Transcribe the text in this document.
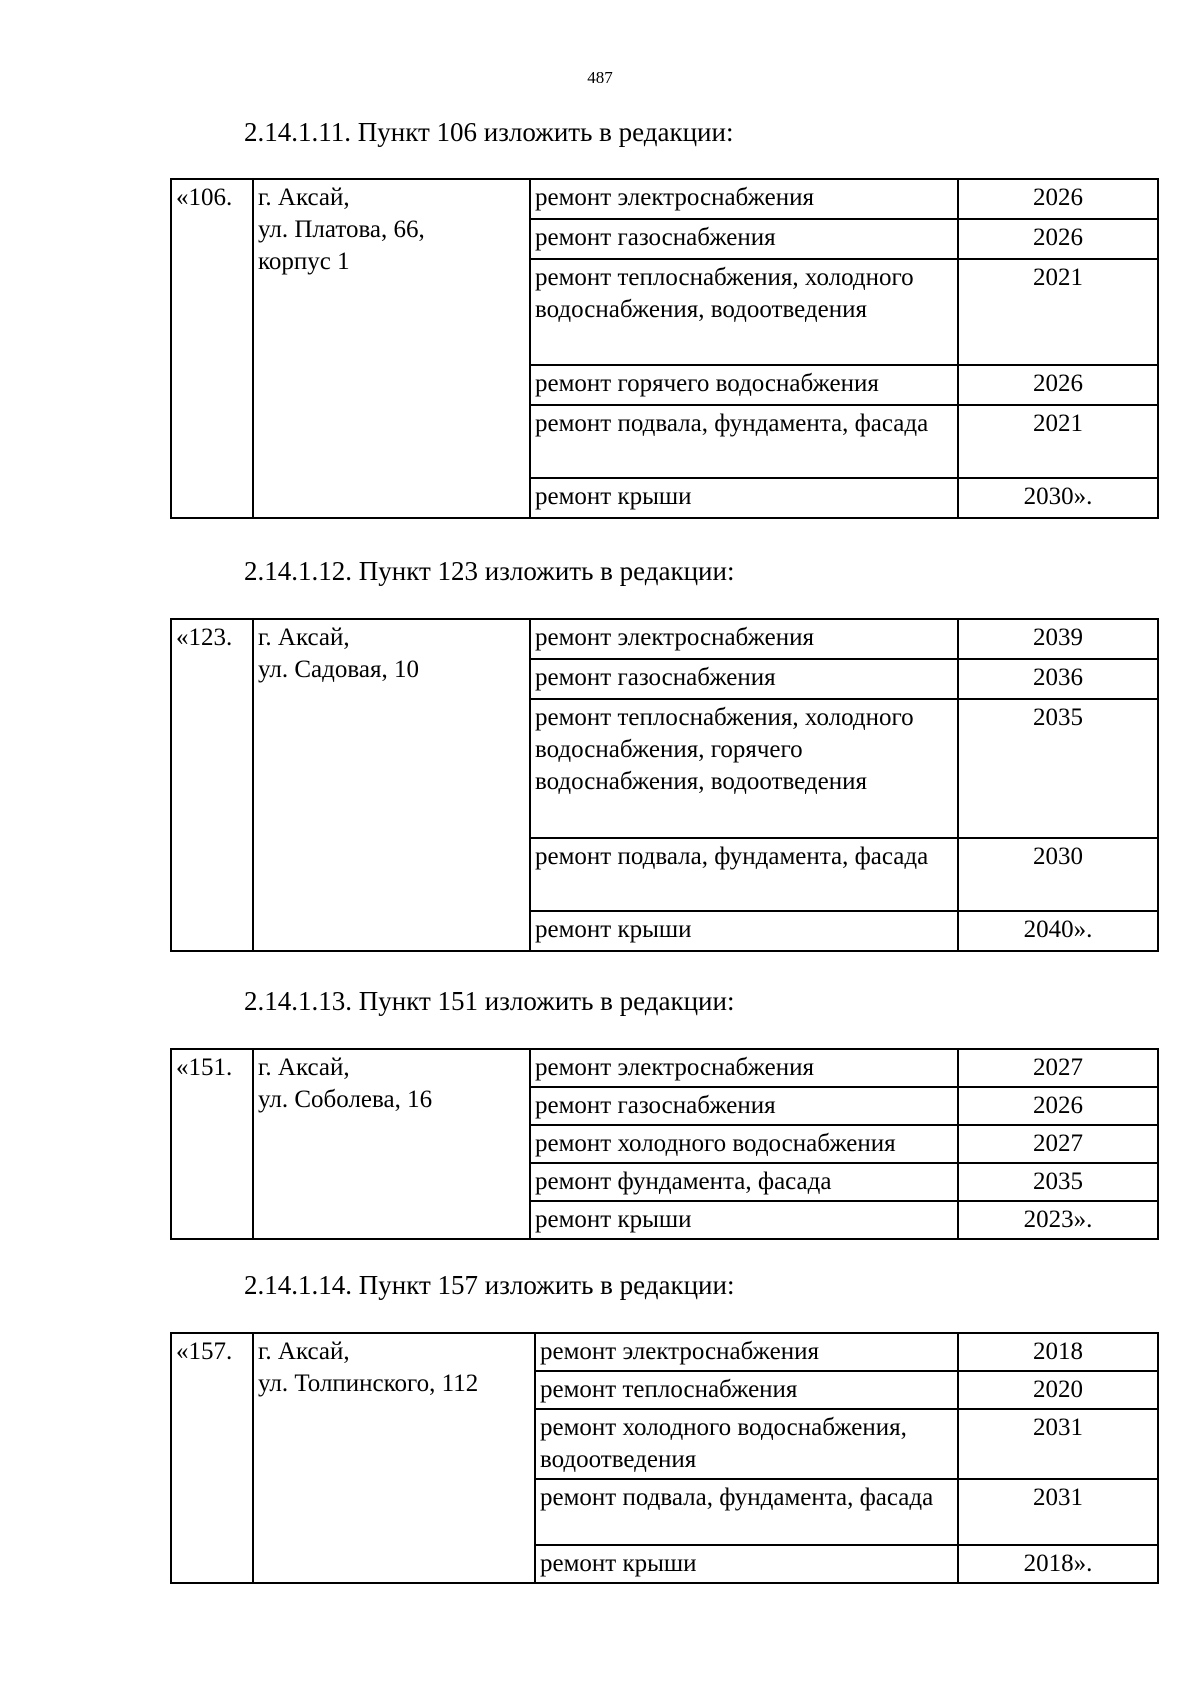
487
2.14.1.11. Пункт 106 изложить в редакции:
«106.	г. Аксай,
ул. Платова, 66,
корпус 1	ремонт электроснабжения	2026
		ремонт газоснабжения	2026
		ремонт теплоснабжения, холодного водоснабжения, водоотведения	2021
		ремонт горячего водоснабжения	2026
		ремонт подвала, фундамента, фасада	2021
		ремонт крыши	2030».
2.14.1.12. Пункт 123 изложить в редакции:
«123.	г. Аксай,
ул. Садовая, 10	ремонт электроснабжения	2039
		ремонт газоснабжения	2036
		ремонт теплоснабжения, холодного водоснабжения, горячего водоснабжения, водоотведения	2035
		ремонт подвала, фундамента, фасада	2030
		ремонт крыши	2040».
2.14.1.13. Пункт 151 изложить в редакции:
«151.	г. Аксай,
ул. Соболева, 16	ремонт электроснабжения	2027
		ремонт газоснабжения	2026
		ремонт холодного водоснабжения	2027
		ремонт фундамента, фасада	2035
		ремонт крыши	2023».
2.14.1.14. Пункт 157 изложить в редакции:
«157.	г. Аксай,
ул. Толпинского, 112	ремонт электроснабжения	2018
		ремонт теплоснабжения	2020
		ремонт холодного водоснабжения, водоотведения	2031
		ремонт подвала, фундамента, фасада	2031
		ремонт крыши	2018».
